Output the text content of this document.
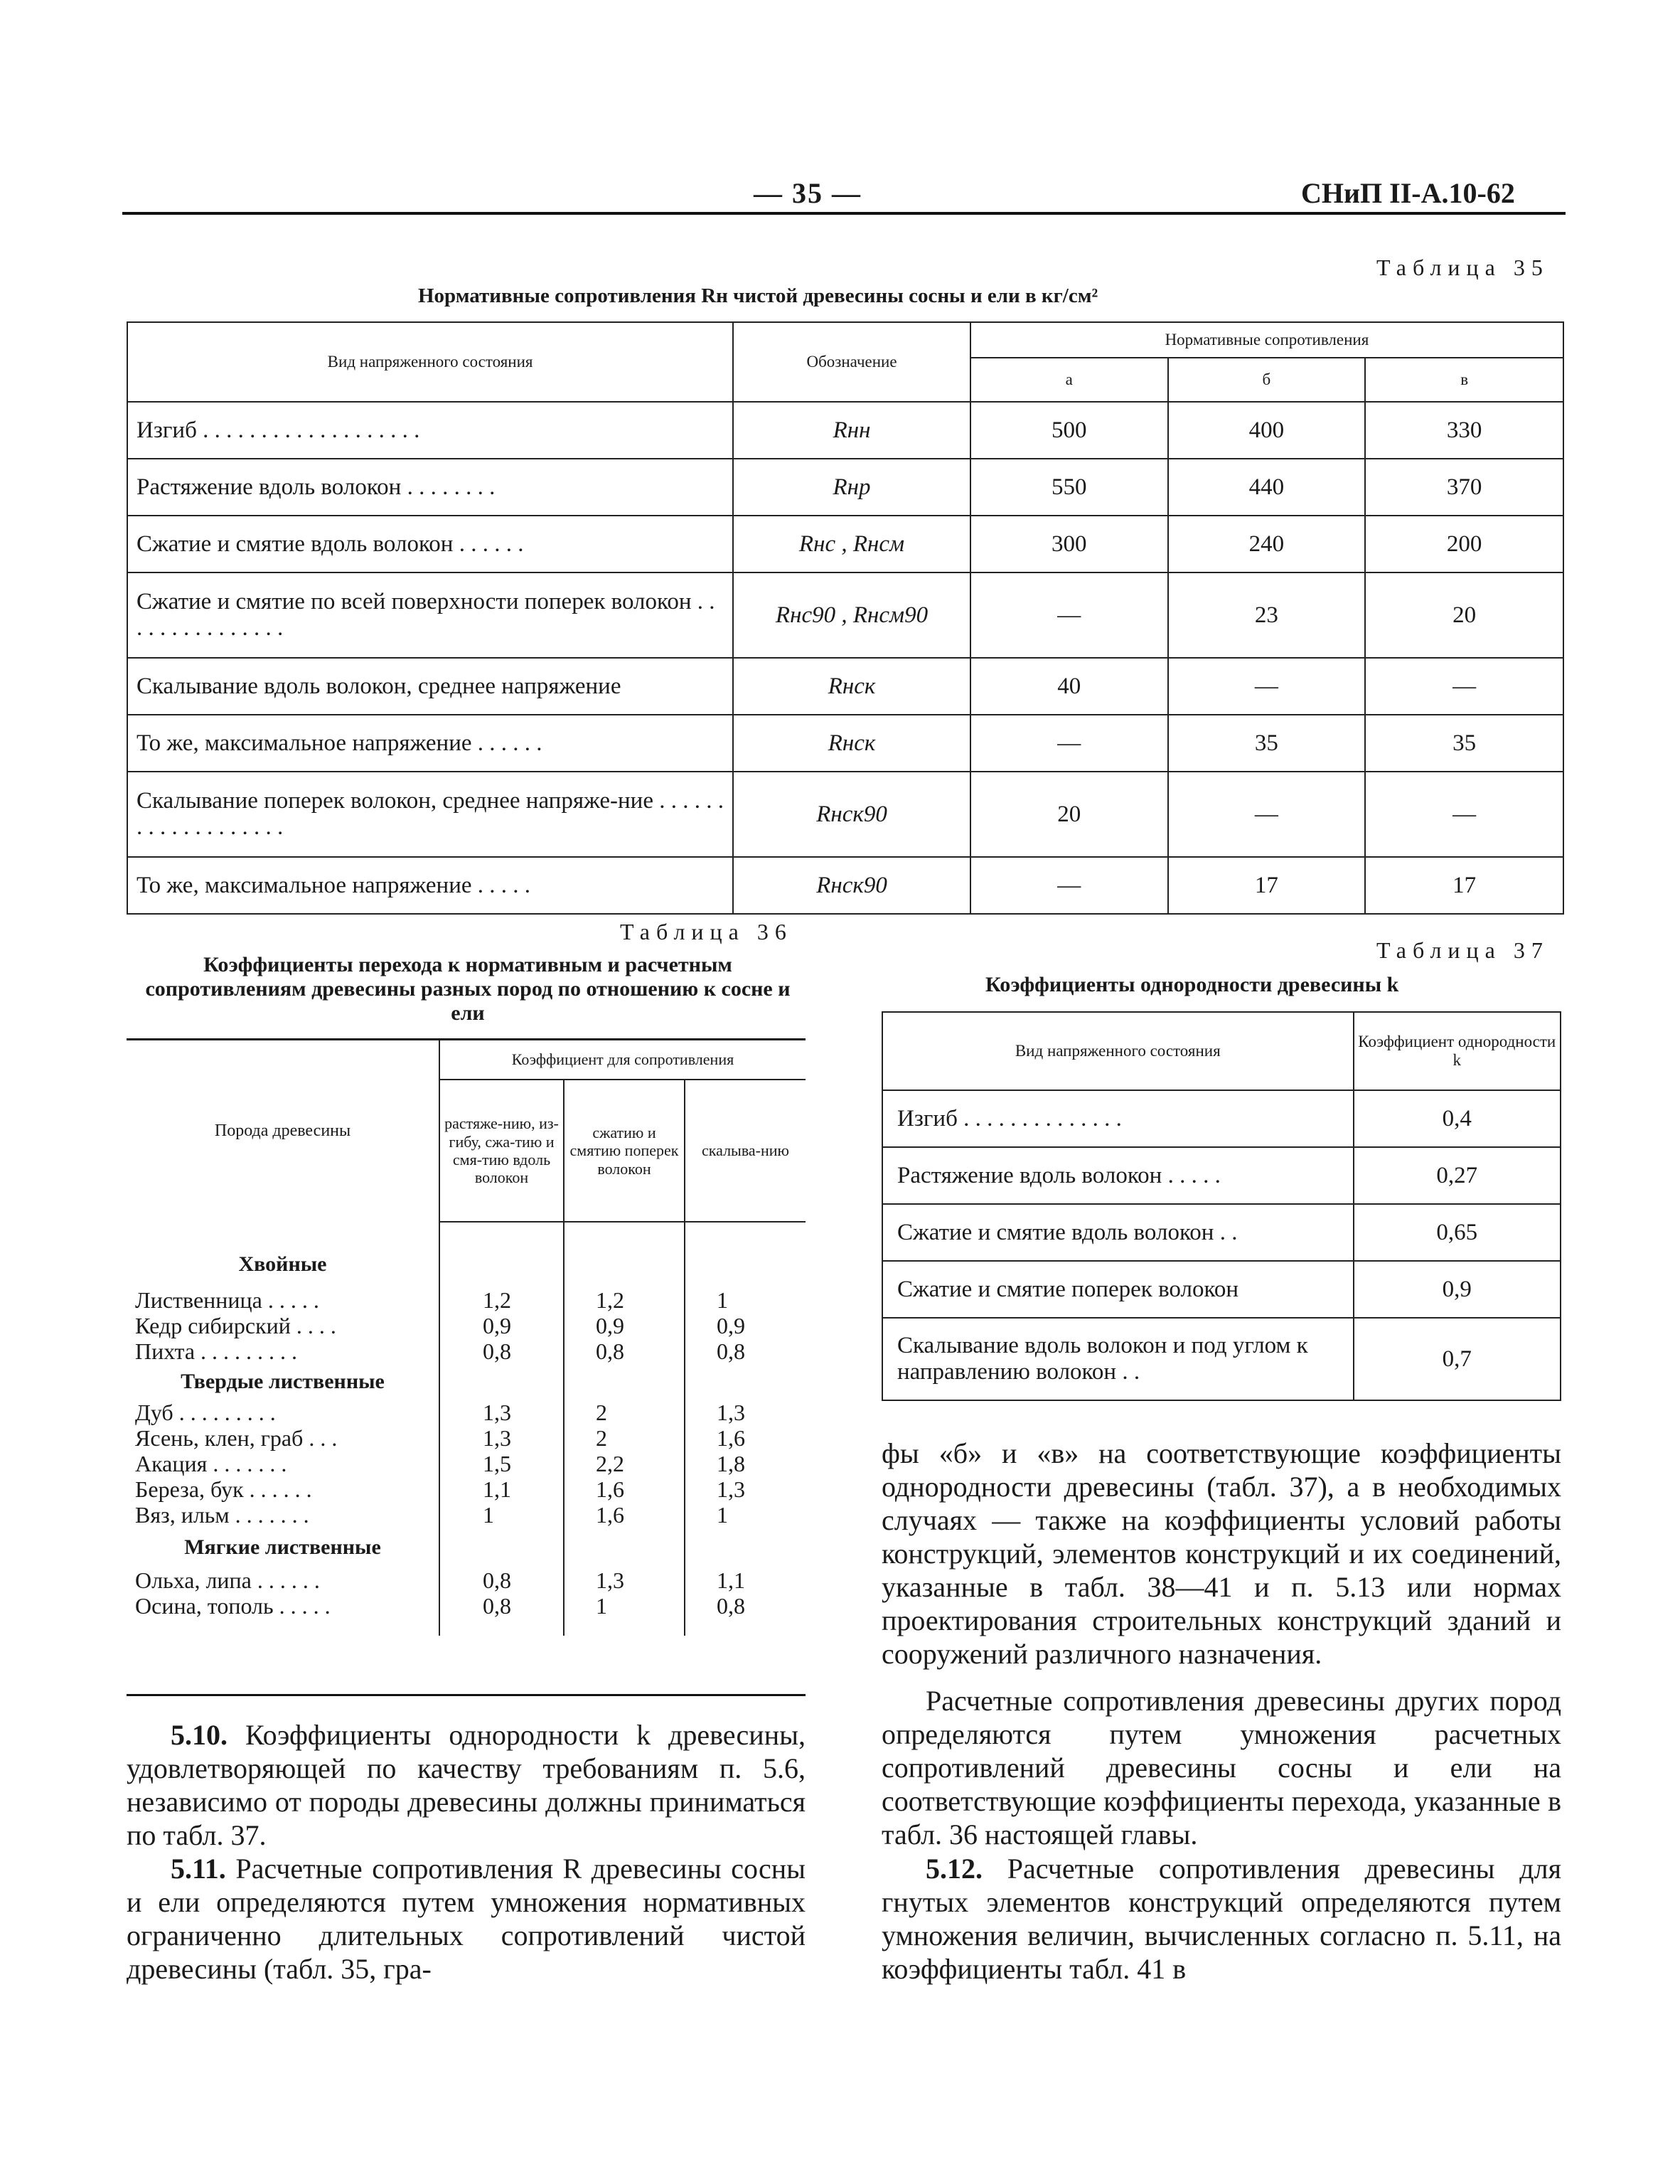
— 35 —	СНиП II-А.10-62
Таблица 35
Нормативные сопротивления Rн чистой древесины сосны и ели в кг/см²
Вид напряженного состояния	Обозначение	Нормативные сопротивления		
		а	б	в
Изгиб . . . . . . . . . . . . . . . . . . .	Rнн	500	400	330
Растяжение вдоль волокон . . . . . . . .	Rнр	550	440	370
Сжатие и смятие вдоль волокон . . . . . .	Rнс , Rнсм	300	240	200
Сжатие и смятие по всей поверхности поперек волокон . . . . . . . . . . . . . . .	Rнс90 , Rнсм90	—	23	20
Скалывание вдоль волокон, среднее напряжение	Rнск	40	—	—
То же, максимальное напряжение . . . . . .	Rнск	—	35	35
Скалывание поперек волокон, среднее напряже-ние . . . . . . . . . . . . . . . . . . .	Rнск90	20	—	—
То же, максимальное напряжение . . . . .	Rнск90	—	17	17
Таблица 36
Коэффициенты перехода к нормативным и расчетным сопротивлениям древесины разных пород по отношению к сосне и ели
Таблица 37
Коэффициенты однородности древесины k
Порода древесины	Коэффициент для сопротивления		
	растяже-нию, из-гибу, сжа-тию и смя-тию вдоль волокон	сжатию и смятию поперек волокон	скалыва-нию
Хвойные			

Лиственница . . . . .	1,2	1,2	1
Кедр сибирский . . . .	0,9	0,9	0,9
Пихта . . . . . . . . .	0,8	0,8	0,8
Твердые лиственные			
Дуб . . . . . . . . .	1,3	2	1,3
Ясень, клен, граб . . .	1,3	2	1,6
Акация . . . . . . .	1,5	2,2	1,8
Береза, бук . . . . . .	1,1	1,6	1,3
Вяз, ильм . . . . . . .	1	1,6	1
Мягкие лиственные			
Ольха, липа . . . . . .	0,8	1,3	1,1
Осина, тополь . . . . .	0,8	1	0,8

Вид напряженного состояния	Коэффициент однородности k
Изгиб . . . . . . . . . . . . . .	0,4
Растяжение вдоль волокон . . . . .	0,27
Сжатие и смятие вдоль волокон . .	0,65
Сжатие и смятие поперек волокон	0,9
Скалывание вдоль волокон и под углом к направлению волокон . .	0,7
5.10. Коэффициенты однородности k древесины, удовлетворяющей по качеству требованиям п. 5.6, независимо от породы древесины должны приниматься по табл. 37.
5.11. Расчетные сопротивления R древесины сосны и ели определяются путем умножения нормативных ограниченно длительных сопротивлений чистой древесины (табл. 35, гра-
фы «б» и «в» на соответствующие коэффициенты однородности древесины (табл. 37), а в необходимых случаях — также на коэффициенты условий работы конструкций, элементов конструкций и их соединений, указанные в табл. 38—41 и п. 5.13 или нормах проектирования строительных конструкций зданий и сооружений различного назначения.
Расчетные сопротивления древесины других пород определяются путем умножения расчетных сопротивлений древесины сосны и ели на соответствующие коэффициенты перехода, указанные в табл. 36 настоящей главы.
5.12. Расчетные сопротивления древесины для гнутых элементов конструкций определяются путем умножения величин, вычисленных согласно п. 5.11, на коэффициенты табл. 41 в
